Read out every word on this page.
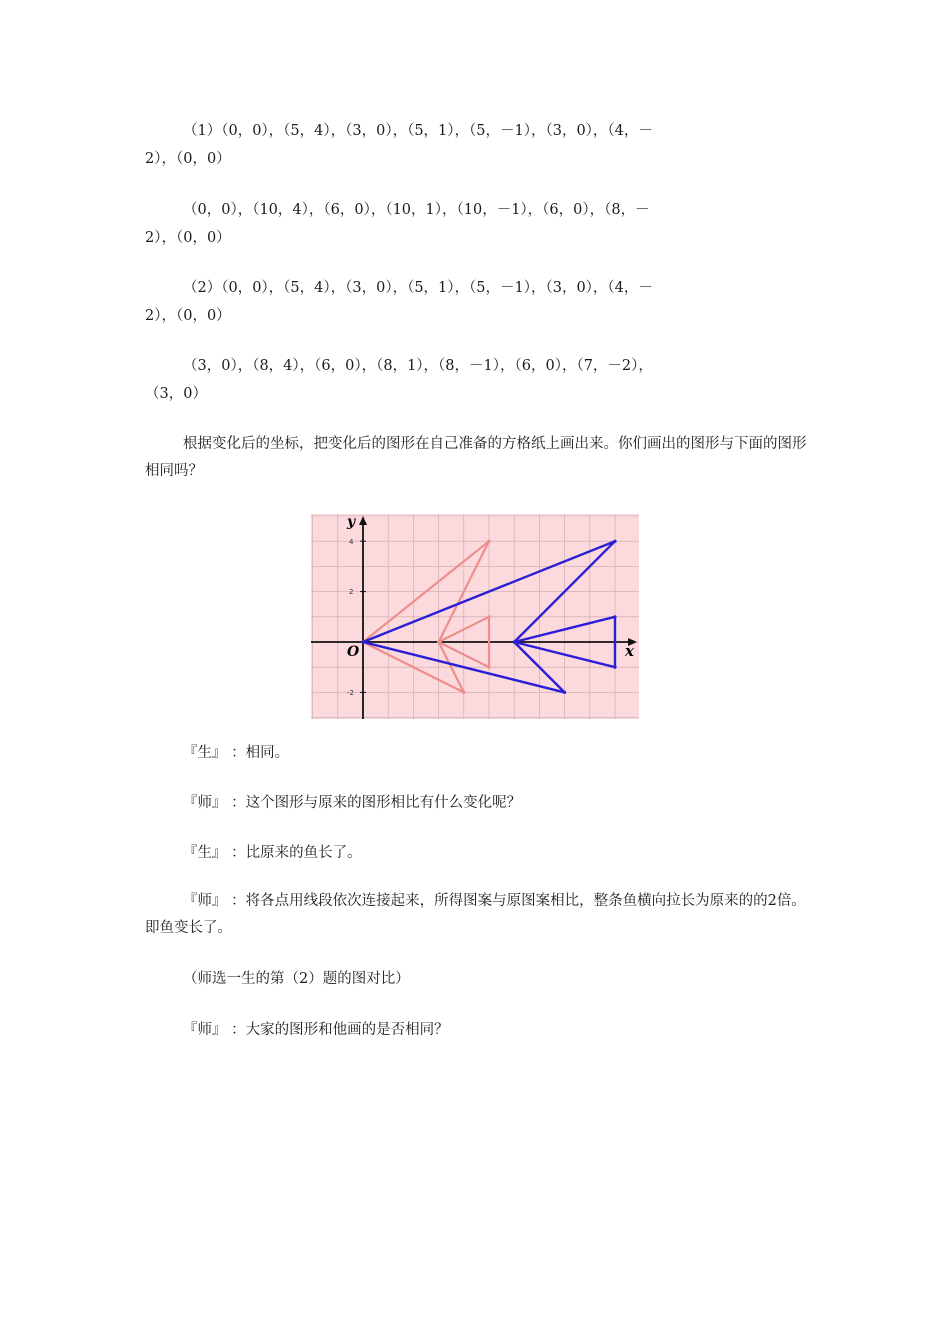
（1）（0，0），（5，4），（3，0），（5，1），（5，－1），（3，0），（4，－
2），（0，0）
（0，0），（10，4），（6，0），（10，1），（10，－1），（6，0），（8，－
2），（0，0）
（2）（0，0），（5，4），（3，0），（5，1），（5，－1），（3，0），（4，－
2），（0，0）
（3，0），（8，4），（6，0），（8，1），（8，－1），（6，0），（7，－2），
（3，0）
根据变化后的坐标，把变化后的图形在自己准备的方格纸上画出来。你们画出的图形与下面的图形相同吗？
y
x
O
4
2
-2
『生』 ：相同。
『师』 ：这个图形与原来的图形相比有什么变化呢？
『生』 ：比原来的鱼长了。
『师』 ：将各点用线段依次连接起来，所得图案与原图案相比，整条鱼横向拉长为原来的的2倍。即鱼变长了。
（师选一生的第（2）题的图对比）
『师』 ：大家的图形和他画的是否相同？
